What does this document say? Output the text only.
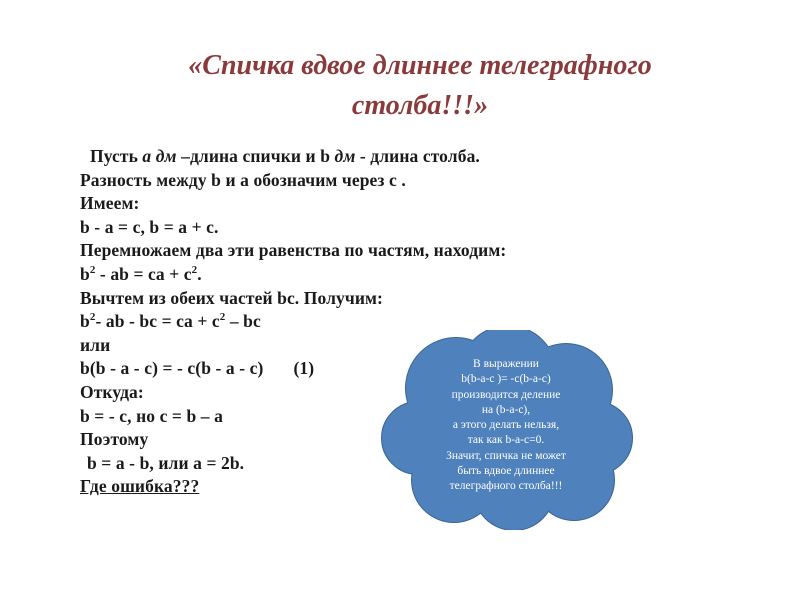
«Спичка вдвое длиннее телеграфного
столба!!!»
Пусть a дм –длина спички и b дм - длина столба.
Разность между b и a обозначим через c .
Имеем:
b - a = c, b = a + c.
Перемножаем два эти равенства по частям, находим:
$b^2$ - ab = ca + $c^2$.
Вычтем из обеих частей bc. Получим:
$b^2-$ ab - bc = ca + $c^2$ – bc
или
b(b - a - c) = - c(b - a - c) (1)
Откуда:
b = - c, но c = b – a
Поэтому
b = a - b, или a = 2b.
Где ошибка???
В выражении
b(b-a-c )= -c(b-a-c)
производится деление
на (b-a-c),
а этого делать нельзя,
так как b-a-c=0.
Значит, спичка не может
быть вдвое длиннее
телеграфного столба!!!
